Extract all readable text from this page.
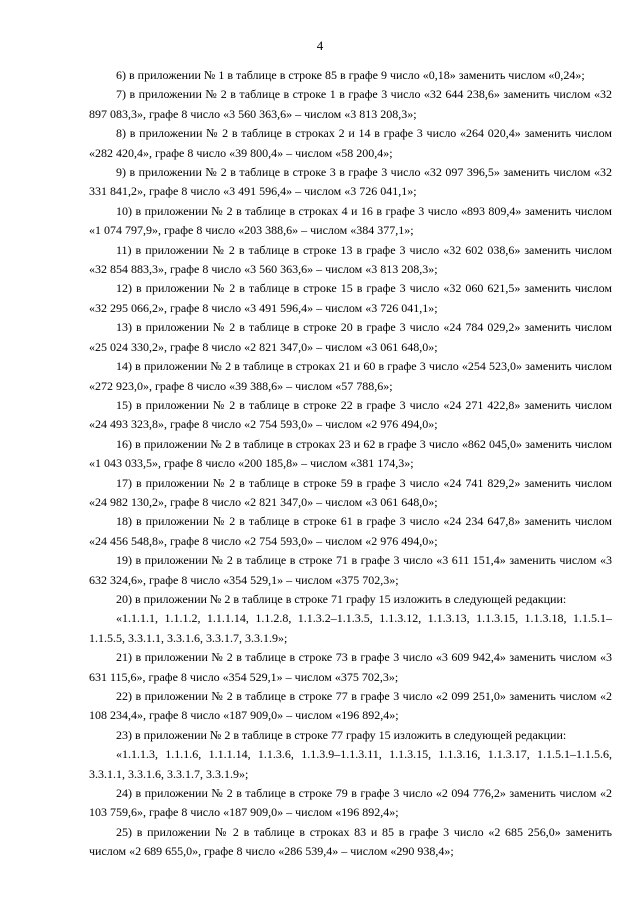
4

6) в приложении № 1 в таблице в строке 85 в графе 9 число «0,18» заменить числом «0,24»;

7) в приложении № 2 в таблице в строке 1 в графе 3 число «32 644 238,6» заменить числом «32 897 083,3», графе 8 число «3 560 363,6» – числом «3 813 208,3»;

8) в приложении № 2 в таблице в строках 2 и 14 в графе 3 число «264 020,4» заменить числом «282 420,4», графе 8 число «39 800,4» – числом «58 200,4»;

9) в приложении № 2 в таблице в строке 3 в графе 3 число «32 097 396,5» заменить числом «32 331 841,2», графе 8 число «3 491 596,4» – числом «3 726 041,1»;

10) в приложении № 2 в таблице в строках 4 и 16 в графе 3 число «893 809,4» заменить числом «1 074 797,9», графе 8 число «203 388,6» – числом «384 377,1»;

11) в приложении № 2 в таблице в строке 13 в графе 3 число «32 602 038,6» заменить числом «32 854 883,3», графе 8 число «3 560 363,6» – числом «3 813 208,3»;

12) в приложении № 2 в таблице в строке 15 в графе 3 число «32 060 621,5» заменить числом «32 295 066,2», графе 8 число «3 491 596,4» – числом «3 726 041,1»;

13) в приложении № 2 в таблице в строке 20 в графе 3 число «24 784 029,2» заменить числом «25 024 330,2», графе 8 число «2 821 347,0» – числом «3 061 648,0»;

14) в приложении № 2 в таблице в строках 21 и 60 в графе 3 число «254 523,0» заменить числом «272 923,0», графе 8 число «39 388,6» – числом «57 788,6»;

15) в приложении № 2 в таблице в строке 22 в графе 3 число «24 271 422,8» заменить числом «24 493 323,8», графе 8 число «2 754 593,0» – числом «2 976 494,0»;

16) в приложении № 2 в таблице в строках 23 и 62 в графе 3 число «862 045,0» заменить числом «1 043 033,5», графе 8 число «200 185,8» – числом «381 174,3»;

17) в приложении № 2 в таблице в строке 59 в графе 3 число «24 741 829,2» заменить числом «24 982 130,2», графе 8 число «2 821 347,0» – числом «3 061 648,0»;

18) в приложении № 2 в таблице в строке 61 в графе 3 число «24 234 647,8» заменить числом «24 456 548,8», графе 8 число «2 754 593,0» – числом «2 976 494,0»;

19) в приложении № 2 в таблице в строке 71 в графе 3 число «3 611 151,4» заменить числом «3 632 324,6», графе 8 число «354 529,1» – числом «375 702,3»;

20) в приложении № 2 в таблице в строке 71 графу 15 изложить в следующей редакции:

«1.1.1.1, 1.1.1.2, 1.1.1.14, 1.1.2.8, 1.1.3.2–1.1.3.5, 1.1.3.12, 1.1.3.13, 1.1.3.15, 1.1.3.18, 1.1.5.1–1.1.5.5, 3.3.1.1, 3.3.1.6, 3.3.1.7, 3.3.1.9»;

21) в приложении № 2 в таблице в строке 73 в графе 3 число «3 609 942,4» заменить числом «3 631 115,6», графе 8 число «354 529,1» – числом «375 702,3»;

22) в приложении № 2 в таблице в строке 77 в графе 3 число «2 099 251,0» заменить числом «2 108 234,4», графе 8 число «187 909,0» – числом «196 892,4»;

23) в приложении № 2 в таблице в строке 77 графу 15 изложить в следующей редакции:

«1.1.1.3, 1.1.1.6, 1.1.1.14, 1.1.3.6, 1.1.3.9–1.1.3.11, 1.1.3.15, 1.1.3.16, 1.1.3.17, 1.1.5.1–1.1.5.6, 3.3.1.1, 3.3.1.6, 3.3.1.7, 3.3.1.9»;

24) в приложении № 2 в таблице в строке 79 в графе 3 число «2 094 776,2» заменить числом «2 103 759,6», графе 8 число «187 909,0» – числом «196 892,4»;

25) в приложении № 2 в таблице в строках 83 и 85 в графе 3 число «2 685 256,0» заменить числом «2 689 655,0», графе 8 число «286 539,4» – числом «290 938,4»;
